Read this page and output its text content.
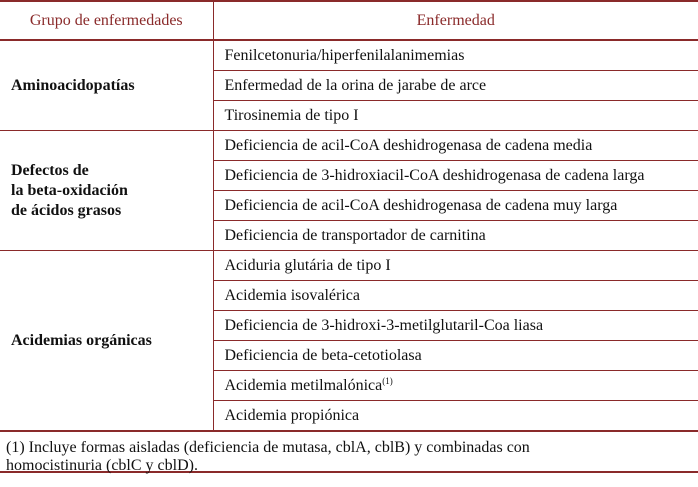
Grupo de enfermedades	Enfermedad
Aminoacidopatías	Fenilcetonuria/hiperfenilalanimemias
	Enfermedad de la orina de jarabe de arce
	Tirosinemia de tipo I
Defectos de
la beta-oxidación
de ácidos grasos	Deficiencia de acil-CoA deshidrogenasa de cadena media
	Deficiencia de 3-hidroxiacil-CoA deshidrogenasa de cadena larga
	Deficiencia de acil-CoA deshidrogenasa de cadena muy larga
	Deficiencia de transportador de carnitina
Acidemias orgánicas	Aciduria glutária de tipo I
	Acidemia isovalérica
	Deficiencia de 3-hidroxi-3-metilglutaril-Coa liasa
	Deficiencia de beta-cetotiolasa
	Acidemia metilmalónica$^{(1)}$
	Acidemia propiónica
(1) Incluye formas aisladas (deficiencia de mutasa, cblA, cblB) y combinadas con
homocistinuria (cblC y cblD).
